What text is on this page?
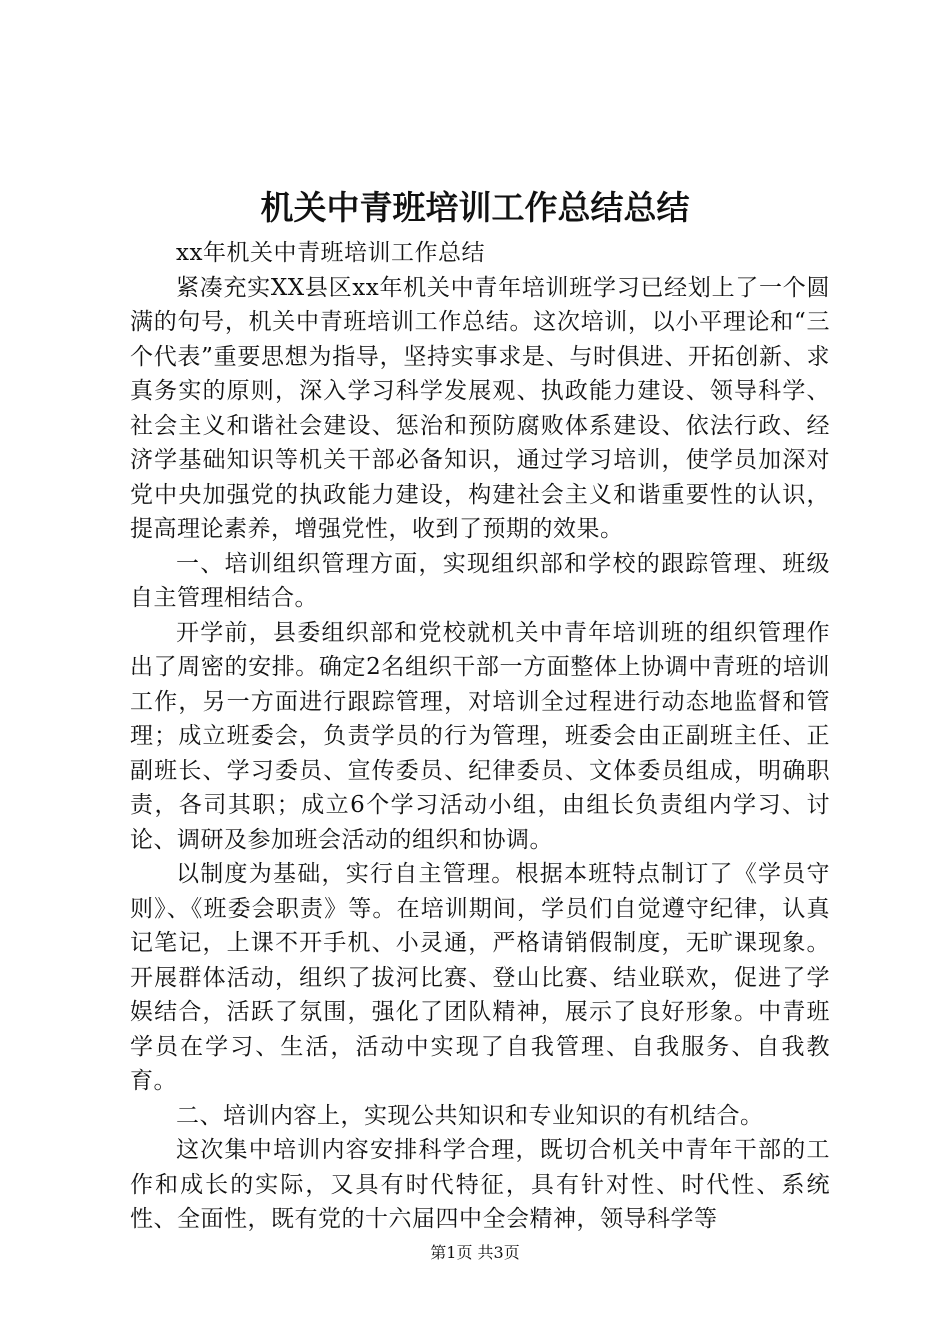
机关中青班培训工作总结总结

xx年机关中青班培训工作总结

紧凑充实XX县区xx年机关中青年培训班学习已经划上了一个圆满的句号，机关中青班培训工作总结。这次培训，以小平理论和“三个代表”重要思想为指导，坚持实事求是、与时俱进、开拓创新、求真务实的原则，深入学习科学发展观、执政能力建设、领导科学、社会主义和谐社会建设、惩治和预防腐败体系建设、依法行政、经济学基础知识等机关干部必备知识，通过学习培训，使学员加深对党中央加强党的执政能力建设，构建社会主义和谐重要性的认识，提高理论素养，增强党性，收到了预期的效果。

一、培训组织管理方面，实现组织部和学校的跟踪管理、班级自主管理相结合。

开学前，县委组织部和党校就机关中青年培训班的组织管理作出了周密的安排。确定2名组织干部一方面整体上协调中青班的培训工作，另一方面进行跟踪管理，对培训全过程进行动态地监督和管理；成立班委会，负责学员的行为管理，班委会由正副班主任、正副班长、学习委员、宣传委员、纪律委员、文体委员组成，明确职责，各司其职；成立6个学习活动小组，由组长负责组内学习、讨论、调研及参加班会活动的组织和协调。

以制度为基础，实行自主管理。根据本班特点制订了《学员守则》、《班委会职责》等。在培训期间，学员们自觉遵守纪律，认真记笔记，上课不开手机、小灵通，严格请销假制度，无旷课现象。开展群体活动，组织了拔河比赛、登山比赛、结业联欢，促进了学娱结合，活跃了氛围，强化了团队精神，展示了良好形象。中青班学员在学习、生活，活动中实现了自我管理、自我服务、自我教育。

二、培训内容上，实现公共知识和专业知识的有机结合。

这次集中培训内容安排科学合理，既切合机关中青年干部的工作和成长的实际，又具有时代特征，具有针对性、时代性、系统性、全面性，既有党的十六届四中全会精神，领导科学等

第1页 共3页
